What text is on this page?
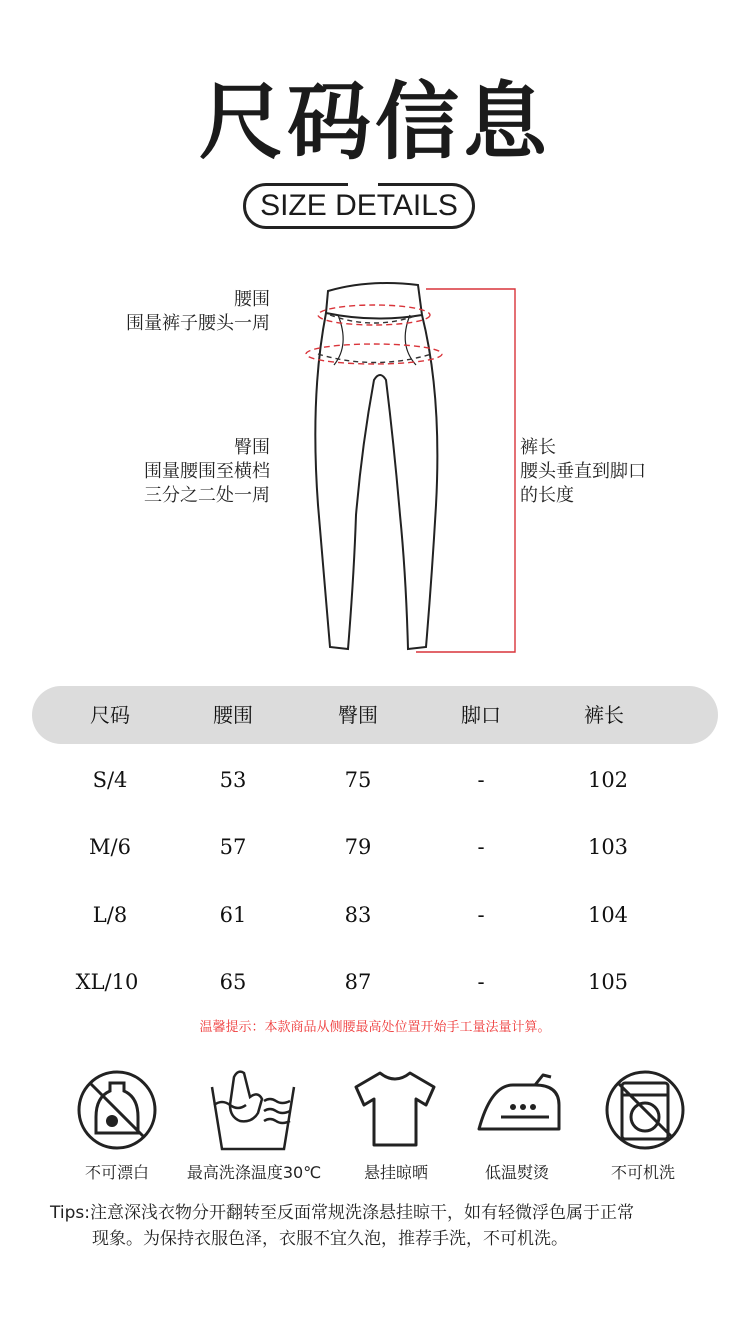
尺码信息
SIZE DETAILS
腰围
围量裤子腰头一周
臀围
围量腰围至横档
三分之二处一周
裤长
腰头垂直到脚口
的长度
尺码	腰围	臀围	脚口	裤长
S/4	53	75	-	102
M/6	57	79	-	103
L/8	61	83	-	104
XL/10	65	87	-	105
温馨提示：本款商品从侧腰最高处位置开始手工量法量计算。
不可漂白 最高洗涤温度30℃	悬挂晾晒	低温熨烫	不可机洗
Tips:注意深浅衣物分开翻转至反面常规洗涤悬挂晾干，如有轻微浮色属于正常
现象。为保持衣服色泽，衣服不宜久泡，推荐手洗，不可机洗。
